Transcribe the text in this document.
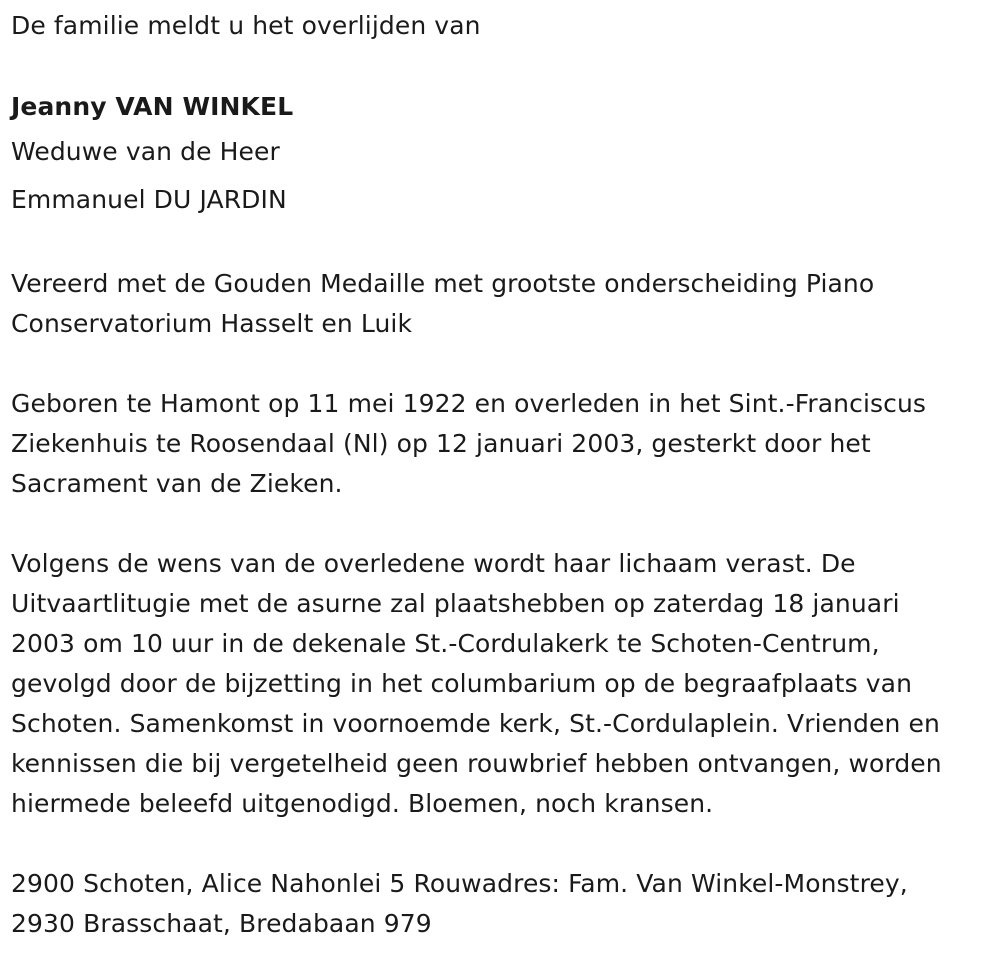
De familie meldt u het overlijden van

Jeanny VAN WINKEL

Weduwe van de Heer

Emmanuel DU JARDIN

Vereerd met de Gouden Medaille met grootste onderscheiding Piano

Conservatorium Hasselt en Luik

Geboren te Hamont op 11 mei 1922 en overleden in het Sint.-Franciscus

Ziekenhuis te Roosendaal (Nl) op 12 januari 2003, gesterkt door het

Sacrament van de Zieken.

Volgens de wens van de overledene wordt haar lichaam verast. De

Uitvaartlitugie met de asurne zal plaatshebben op zaterdag 18 januari

2003 om 10 uur in de dekenale St.-Cordulakerk te Schoten-Centrum,

gevolgd door de bijzetting in het columbarium op de begraafplaats van

Schoten. Samenkomst in voornoemde kerk, St.-Cordulaplein. Vrienden en

kennissen die bij vergetelheid geen rouwbrief hebben ontvangen, worden

hiermede beleefd uitgenodigd. Bloemen, noch kransen.

2900 Schoten, Alice Nahonlei 5 Rouwadres: Fam. Van Winkel-Monstrey,

2930 Brasschaat, Bredabaan 979
